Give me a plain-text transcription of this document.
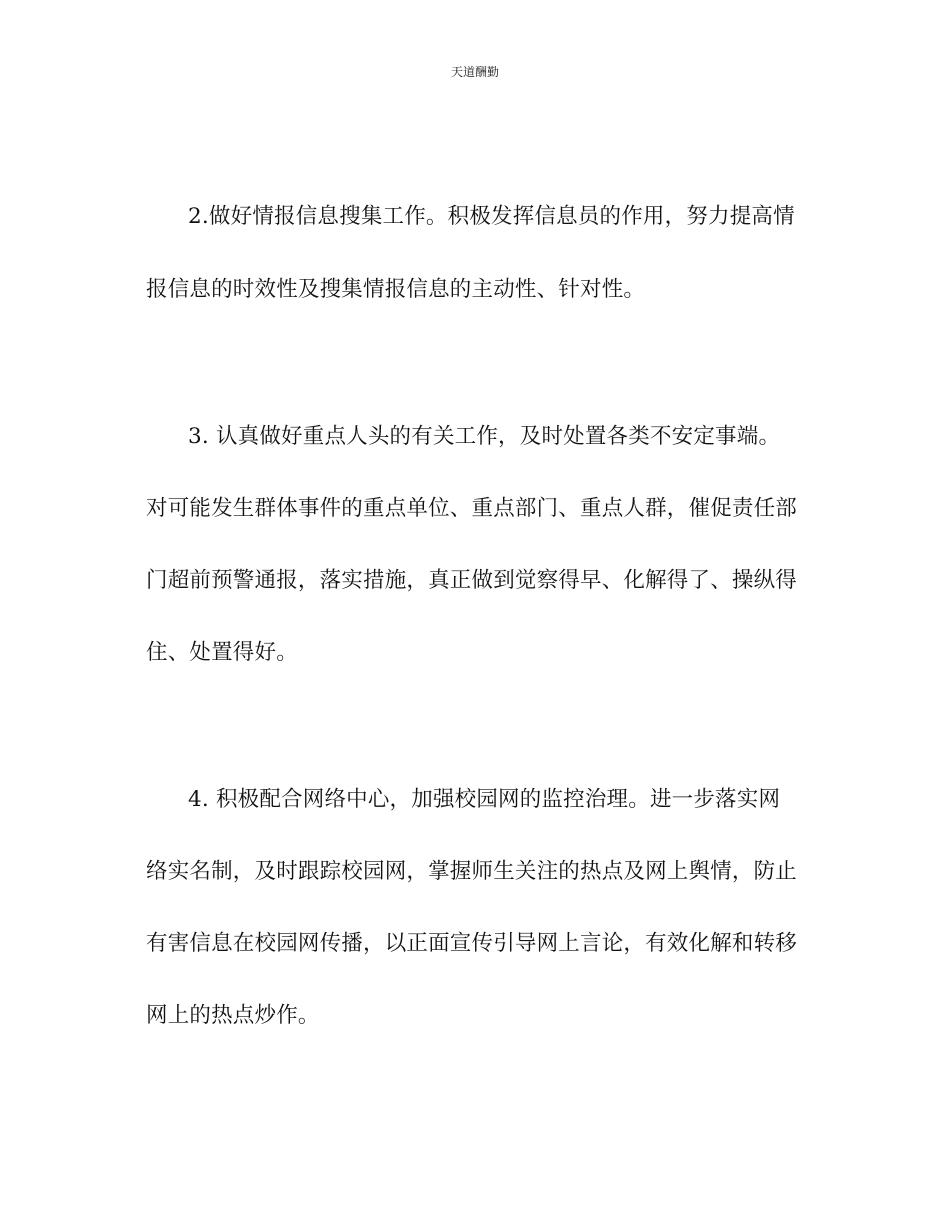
天道酬勤
2.做好情报信息搜集工作。积极发挥信息员的作用，努力提高情
报信息的时效性及搜集情报信息的主动性、针对性。
3. 认真做好重点人头的有关工作，及时处置各类不安定事端。
对可能发生群体事件的重点单位、重点部门、重点人群，催促责任部
门超前预警通报，落实措施，真正做到觉察得早、化解得了、操纵得
住、处置得好。
4. 积极配合网络中心，加强校园网的监控治理。进一步落实网
络实名制，及时跟踪校园网，掌握师生关注的热点及网上舆情，防止
有害信息在校园网传播，以正面宣传引导网上言论，有效化解和转移
网上的热点炒作。
